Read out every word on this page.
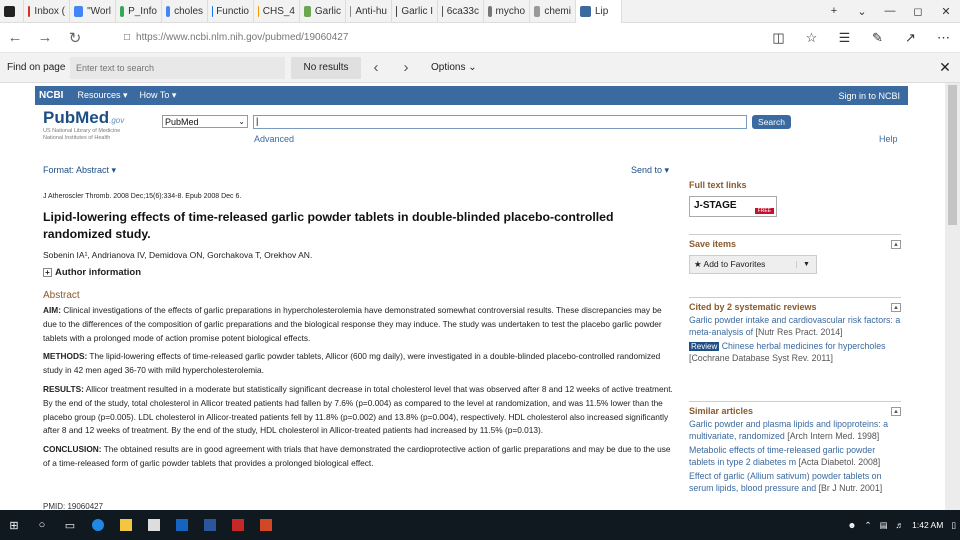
Inbox ( "Worl P_Info choles Functio CHS_4 Garlic Anti-hu Garlic I 6ca33c mycho chemi Lip	+	⌄	—	◻	✕
←	→	↻	□ https://www.ncbi.nlm.nih.gov/pubmed/19060427	◫	☆	☰	✎	↗	⋯
Find on page
Enter text to search	No results	‹	›	Options ⌄	✕
NCBI Resources ▾ How To ▾	Sign in to NCBI
PubMed.gov
US National Library of Medicine
National Institutes of Health
PubMed	⌄	|	Search
Advanced	Help
Format: Abstract ▾	Send to ▾
J Atheroscler Thromb. 2008 Dec;15(6):334-8. Epub 2008 Dec 6.
Lipid-lowering effects of time-released garlic powder tablets in double-blinded placebo-controlled randomized study.
Sobenin IA¹, Andrianova IV, Demidova ON, Gorchakova T, Orekhov AN.
+ Author information
Abstract

AIM: Clinical investigations of the effects of garlic preparations in hypercholesterolemia have demonstrated somewhat controversial results. These discrepancies may be due to the differences of the composition of garlic preparations and the biological response they may induce. The study was undertaken to test the placebo garlic powder tablets with a prolonged mode of action promise potent biological effects.

METHODS: The lipid-lowering effects of time-released garlic powder tablets, Allicor (600 mg daily), were investigated in a double-blinded placebo-controlled randomized study in 42 men aged 36-70 with mild hypercholesterolemia.

RESULTS: Allicor treatment resulted in a moderate but statistically significant decrease in total cholesterol level that was observed after 8 and 12 weeks of active treatment. By the end of the study, total cholesterol in Allicor treated patients had fallen by 7.6% (p=0.004) as compared to the level at randomization, and was 11.5% lower than the placebo group (p=0.005). LDL cholesterol in Allicor-treated patients fell by 11.8% (p=0.002) and 13.8% (p=0.004), respectively. HDL cholesterol also increased significantly after 8 and 12 weeks of treatment. By the end of the study, HDL cholesterol in Allicor-treated patients had increased by 11.5% (p=0.013).

CONCLUSION: The obtained results are in good agreement with trials that have demonstrated the cardioprotective action of garlic preparations and may be due to the use of a time-released form of garlic powder tablets that provides a prolonged biological effect.

PMID: 19060427
Full text links
J-STAGE	FREE
Save items	▲
★ Add to Favorites	▼
Cited by 2 systematic reviews	▲
Garlic powder intake and cardiovascular risk factors: a meta-analysis of [Nutr Res Pract. 2014]
Review Chinese herbal medicines for hypercholes [Cochrane Database Syst Rev. 2011]
Similar articles	▲
Garlic powder and plasma lipids and lipoproteins: a multivariate, randomized [Arch Intern Med. 1998]
Metabolic effects of time-released garlic powder tablets in type 2 diabetes m [Acta Diabetol. 2008]
Effect of garlic (Allium sativum) powder tablets on serum lipids, blood pressure and [Br J Nutr. 2001]
⊞	○	▭	☻ ⌃ ▤ ♬ 1:42 AM ▯
